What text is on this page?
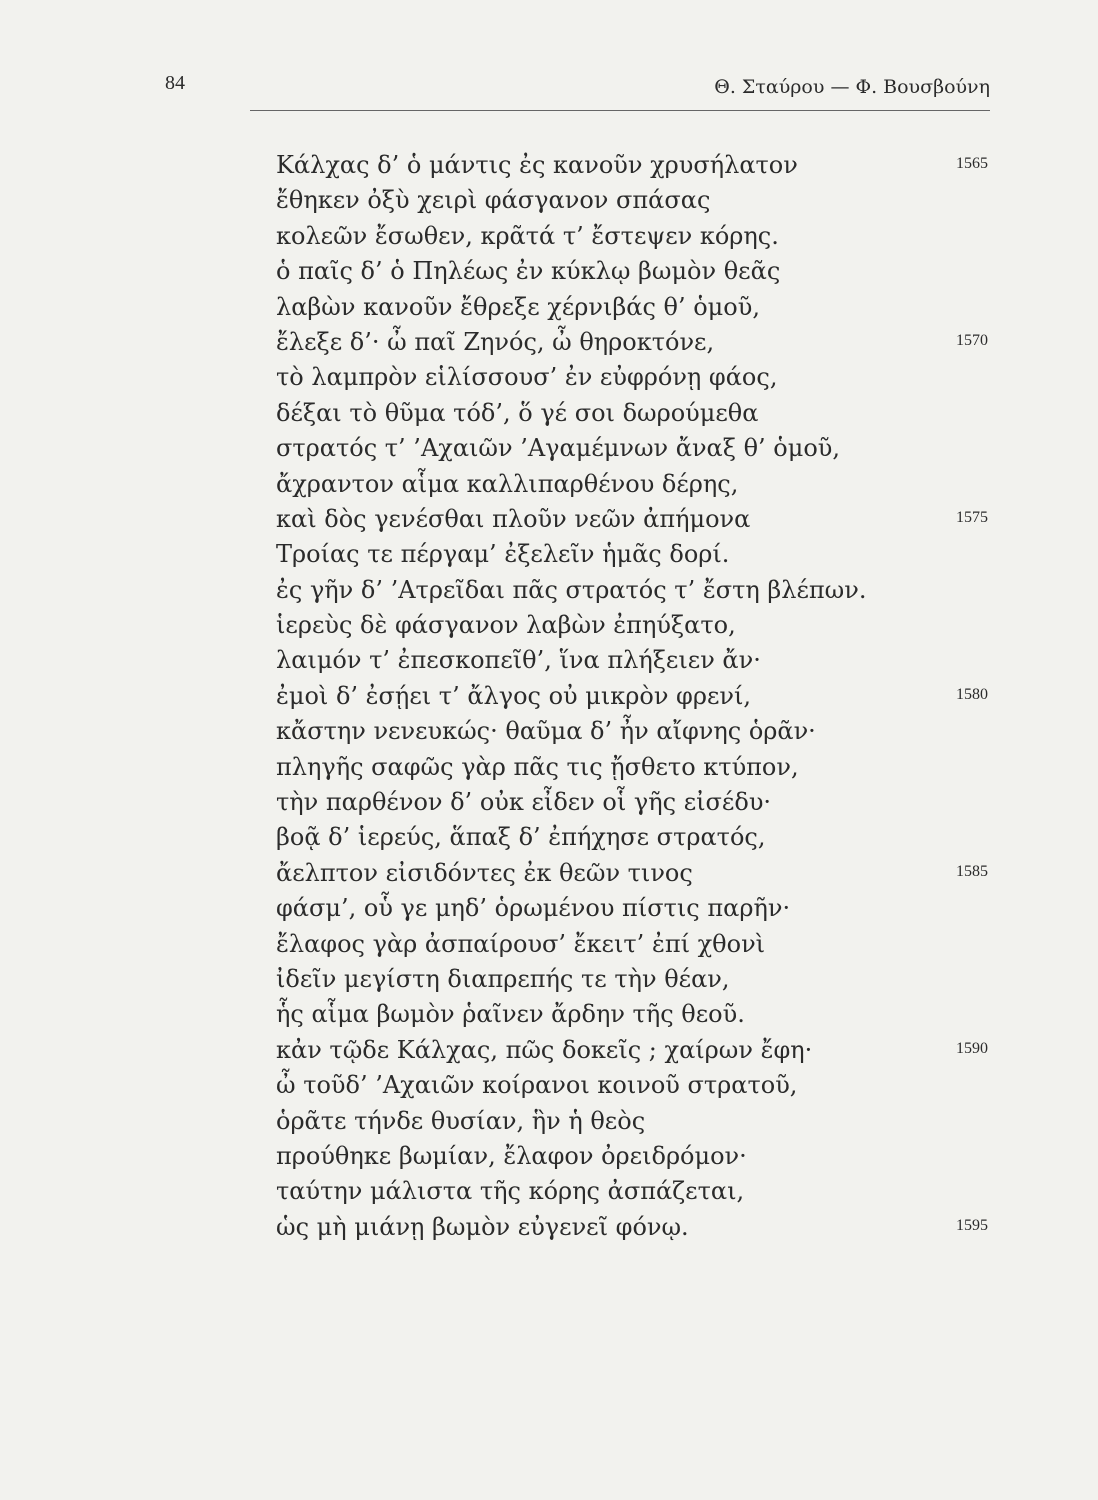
84	Θ. Σταύρου — Φ. Βουσβούνη
Κάλχας δ’ ὁ μάντις ἐς κανοῦν χρυσήλατον	1565
ἔθηκεν ὀξὺ χειρὶ φάσγανον σπάσας
κολεῶν ἔσωθεν, κρᾶτά τ’ ἔστεψεν κόρης.
ὁ παῖς δ’ ὁ Πηλέως ἐν κύκλῳ βωμὸν θεᾶς
λαβὼν κανοῦν ἔθρεξε χέρνιβάς θ’ ὁμοῦ,
ἔλεξε δ’· ὦ παῖ Ζηνός, ὦ θηροκτόνε,	1570
τὸ λαμπρὸν εἱλίσσουσ’ ἐν εὐφρόνῃ φάος,
δέξαι τὸ θῦμα τόδ’, ὅ γέ σοι δωρούμεθα
στρατός τ’ ’Αχαιῶν ’Αγαμέμνων ἄναξ θ’ ὁμοῦ,
ἄχραντον αἷμα καλλιπαρθένου δέρης,
καὶ δὸς γενέσθαι πλοῦν νεῶν ἀπήμονα	1575
Τροίας τε πέργαμ’ ἐξελεῖν ἡμᾶς δορί.
ἐς γῆν δ’ ’Ατρεῖδαι πᾶς στρατός τ’ ἔστη βλέπων.
ἱερεὺς δὲ φάσγανον λαβὼν ἐπηύξατο,
λαιμόν τ’ ἐπεσκοπεῖθ’, ἵνα πλήξειεν ἄν·
ἐμοὶ δ’ ἐσῄει τ’ ἄλγος οὐ μικρὸν φρενί,	1580
κἄστην νενευκώς· θαῦμα δ’ ἦν αἴφνης ὁρᾶν·
πληγῆς σαφῶς γὰρ πᾶς τις ᾔσθετο κτύπον,
τὴν παρθένον δ’ οὐκ εἶδεν οἷ γῆς εἰσέδυ·
βοᾷ δ’ ἱερεύς, ἅπαξ δ’ ἐπήχησε στρατός,
ἄελπτον εἰσιδόντες ἐκ θεῶν τινος	1585
φάσμ’, οὗ γε μηδ’ ὁρωμένου πίστις παρῆν·
ἔλαφος γὰρ ἀσπαίρουσ’ ἔκειτ’ ἐπί χθονὶ
ἰδεῖν μεγίστη διαπρεπής τε τὴν θέαν,
ἧς αἷμα βωμὸν ῥαῖνεν ἄρδην τῆς θεοῦ.
κἀν τῷδε Κάλχας, πῶς δοκεῖς ; χαίρων ἔφη·	1590
ὦ τοῦδ’ ’Αχαιῶν κοίρανοι κοινοῦ στρατοῦ,
ὁρᾶτε τήνδε θυσίαν, ἣν ἡ θεὸς
προύθηκε βωμίαν, ἔλαφον ὀρειδρόμον·
ταύτην μάλιστα τῆς κόρης ἀσπάζεται,
ὡς μὴ μιάνῃ βωμὸν εὐγενεῖ φόνῳ.	1595
